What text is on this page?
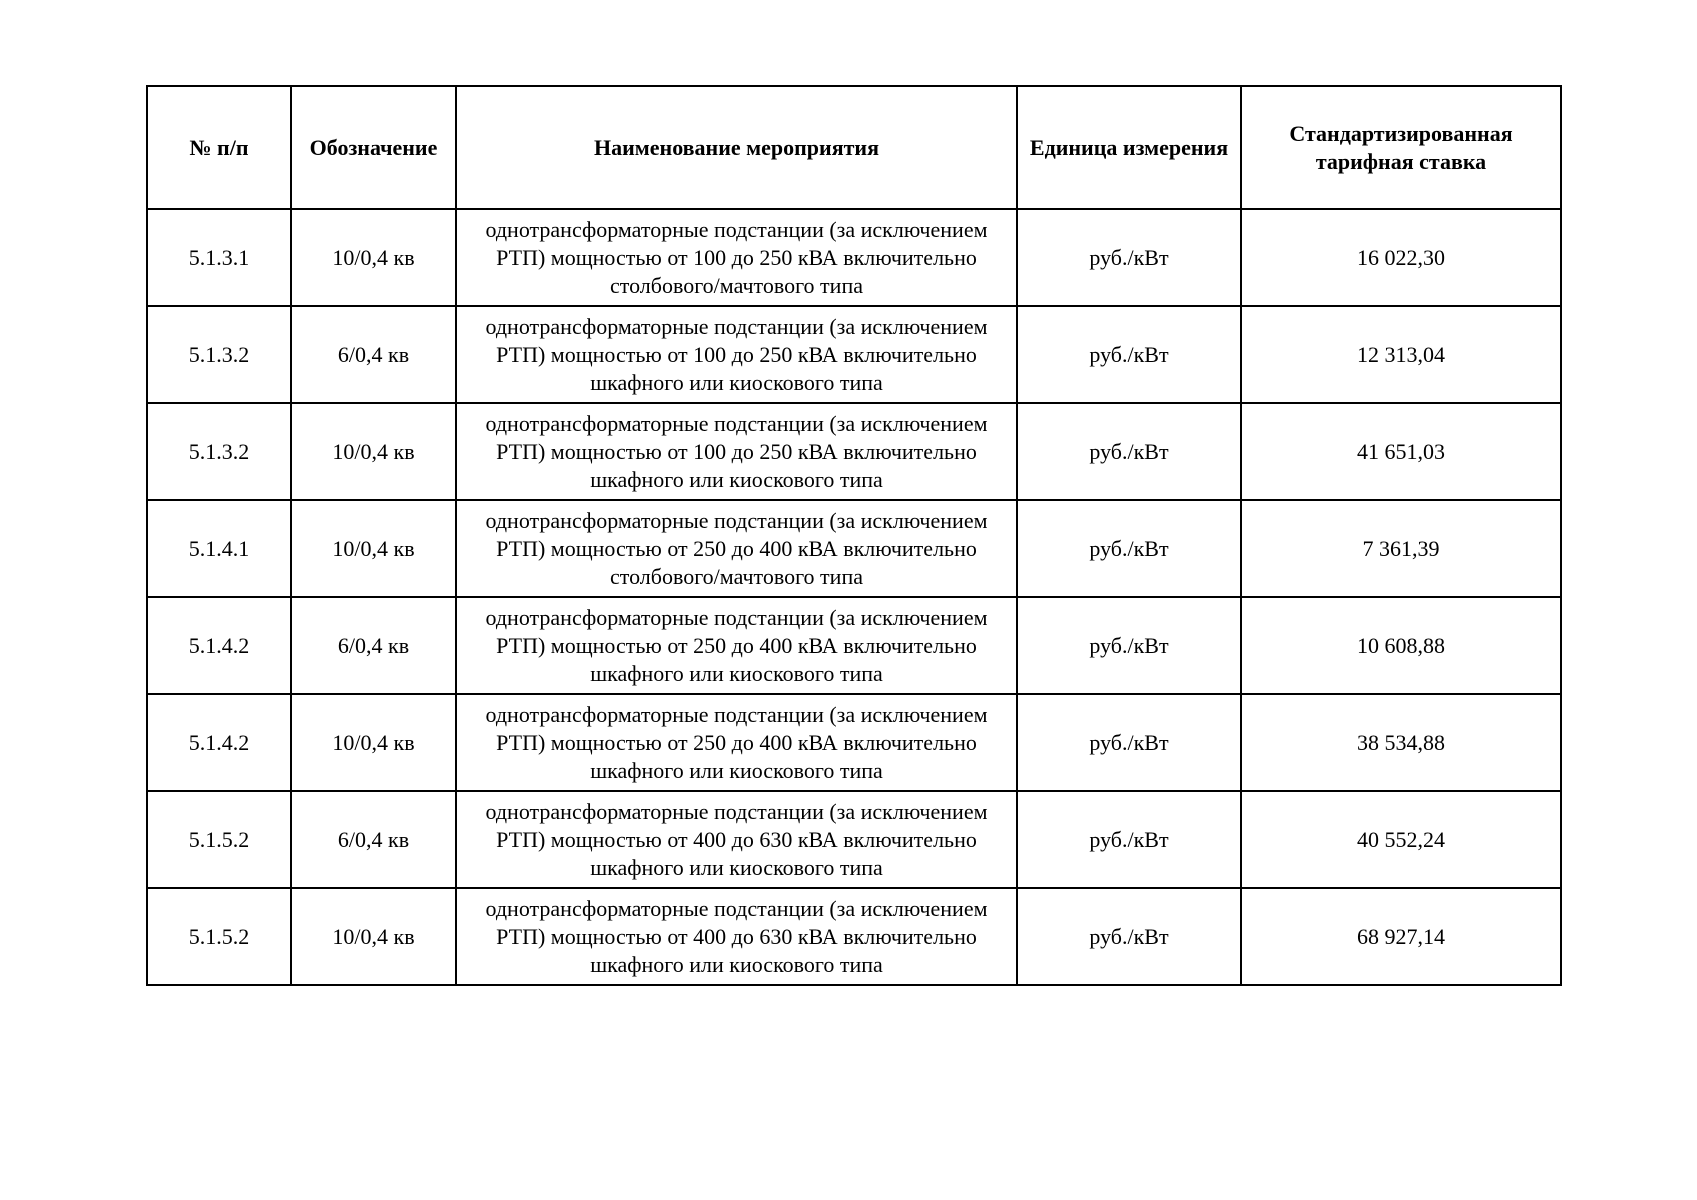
№ п/п	Обозначение	Наименование мероприятия	Единица измерения	Стандартизированная тарифная ставка
5.1.3.1	10/0,4 кв	однотрансформаторные подстанции (за исключением РТП) мощностью от 100 до 250 кВА включительно столбового/мачтового типа	руб./кВт	16 022,30
5.1.3.2	6/0,4 кв	однотрансформаторные подстанции (за исключением РТП) мощностью от 100 до 250 кВА включительно шкафного или киоскового типа	руб./кВт	12 313,04
5.1.3.2	10/0,4 кв	однотрансформаторные подстанции (за исключением РТП) мощностью от 100 до 250 кВА включительно шкафного или киоскового типа	руб./кВт	41 651,03
5.1.4.1	10/0,4 кв	однотрансформаторные подстанции (за исключением РТП) мощностью от 250 до 400 кВА включительно столбового/мачтового типа	руб./кВт	7 361,39
5.1.4.2	6/0,4 кв	однотрансформаторные подстанции (за исключением РТП) мощностью от 250 до 400 кВА включительно шкафного или киоскового типа	руб./кВт	10 608,88
5.1.4.2	10/0,4 кв	однотрансформаторные подстанции (за исключением РТП) мощностью от 250 до 400 кВА включительно шкафного или киоскового типа	руб./кВт	38 534,88
5.1.5.2	6/0,4 кв	однотрансформаторные подстанции (за исключением РТП) мощностью от 400 до 630 кВА включительно шкафного или киоскового типа	руб./кВт	40 552,24
5.1.5.2	10/0,4 кв	однотрансформаторные подстанции (за исключением РТП) мощностью от 400 до 630 кВА включительно шкафного или киоскового типа	руб./кВт	68 927,14
